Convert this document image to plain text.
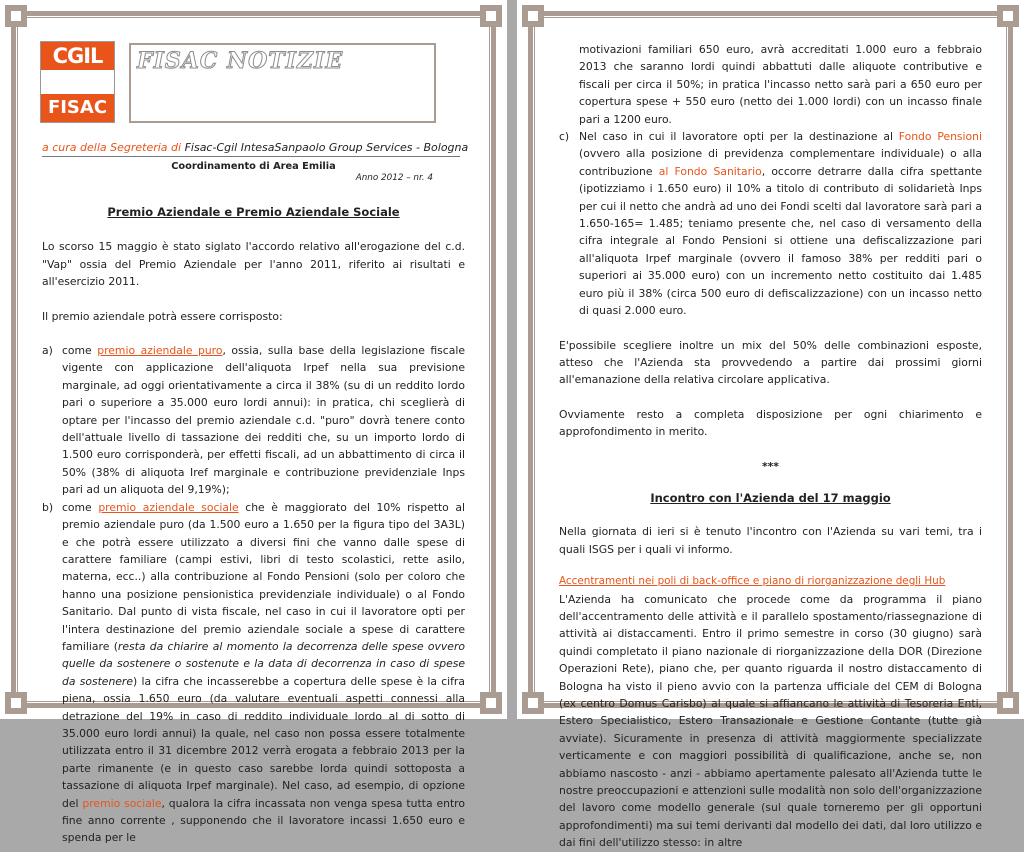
CGIL
FISAC
FISAC NOTIZIE
a cura della Segreteria di Fisac-Cgil IntesaSanpaolo Group Services - Bologna
Coordinamento di Area Emilia
Anno 2012 – nr. 4
Premio Aziendale e Premio Aziendale Sociale

Lo scorso 15 maggio è stato siglato l'accordo relativo all'erogazione del c.d. "Vap" ossia del Premio Aziendale per l'anno 2011, riferito ai risultati e all'esercizio 2011.

Il premio aziendale potrà essere corrisposto:

a) come premio aziendale puro, ossia, sulla base della legislazione fiscale vigente con applicazione dell'aliquota Irpef nella sua previsione marginale, ad oggi orientativamente a circa il 38% (su di un reddito lordo pari o superiore a 35.000 euro lordi annui): in pratica, chi sceglierà di optare per l'incasso del premio aziendale c.d. "puro" dovrà tenere conto dell'attuale livello di tassazione dei redditi che, su un importo lordo di 1.500 euro corrisponderà, per effetti fiscali, ad un abbattimento di circa il 50% (38% di aliquota Iref marginale e contribuzione previdenziale Inps pari ad un aliquota del 9,19%);
b) come premio aziendale sociale che è maggiorato del 10% rispetto al premio aziendale puro (da 1.500 euro a 1.650 per la figura tipo del 3A3L) e che potrà essere utilizzato a diversi fini che vanno dalle spese di carattere familiare (campi estivi, libri di testo scolastici, rette asilo, materna, ecc..) alla contribuzione al Fondo Pensioni (solo per coloro che hanno una posizione pensionistica previdenziale individuale) o al Fondo Sanitario. Dal punto di vista fiscale, nel caso in cui il lavoratore opti per l'intera destinazione del premio aziendale sociale a spese di carattere familiare (resta da chiarire al momento la decorrenza delle spese ovvero quelle da sostenere o sostenute e la data di decorrenza in caso di spese da sostenere) la cifra che incasserebbe a copertura delle spese è la cifra piena, ossia 1.650 euro (da valutare eventuali aspetti connessi alla detrazione del 19% in caso di reddito individuale lordo al di sotto di 35.000 euro lordi annui) la quale, nel caso non possa essere totalmente utilizzata entro il 31 dicembre 2012 verrà erogata a febbraio 2013 per la parte rimanente (e in questo caso sarebbe lorda quindi sottoposta a tassazione di aliquota Irpef marginale). Nel caso, ad esempio, di opzione del premio sociale, qualora la cifra incassata non venga spesa tutta entro fine anno corrente , supponendo che il lavoratore incassi 1.650 euro e spenda per le

motivazioni familiari 650 euro, avrà accreditati 1.000 euro a febbraio 2013 che saranno lordi quindi abbattuti dalle aliquote contributive e fiscali per circa il 50%; in pratica l'incasso netto sarà pari a 650 euro per copertura spese + 550 euro (netto dei 1.000 lordi) con un incasso finale pari a 1200 euro.

c) Nel caso in cui il lavoratore opti per la destinazione al Fondo Pensioni (ovvero alla posizione di previdenza complementare individuale) o alla contribuzione al Fondo Sanitario, occorre detrarre dalla cifra spettante (ipotizziamo i 1.650 euro) il 10% a titolo di contributo di solidarietà Inps per cui il netto che andrà ad uno dei Fondi scelti dal lavoratore sarà pari a 1.650-165= 1.485; teniamo presente che, nel caso di versamento della cifra integrale al Fondo Pensioni si ottiene una defiscalizzazione pari all'aliquota Irpef marginale (ovvero il famoso 38% per redditi pari o superiori ai 35.000 euro) con un incremento netto costituito dai 1.485 euro più il 38% (circa 500 euro di defiscalizzazione) con un incasso netto di quasi 2.000 euro.

E'possibile scegliere inoltre un mix del 50% delle combinazioni esposte, atteso che l'Azienda sta provvedendo a partire dai prossimi giorni all'emanazione della relativa circolare applicativa.

Ovviamente resto a completa disposizione per ogni chiarimento e approfondimento in merito.

***
Incontro con l'Azienda del 17 maggio

Nella giornata di ieri si è tenuto l'incontro con l'Azienda su vari temi, tra i quali ISGS per i quali vi informo.

Accentramenti nei poli di back-office e piano di riorganizzazione degli Hub

L'Azienda ha comunicato che procede come da programma il piano dell'accentramento delle attività e il parallelo spostamento/riassegnazione di attività ai distaccamenti. Entro il primo semestre in corso (30 giugno) sarà quindi completato il piano nazionale di riorganizzazione della DOR (Direzione Operazioni Rete), piano che, per quanto riguarda il nostro distaccamento di Bologna ha visto il pieno avvio con la partenza ufficiale del CEM di Bologna (ex centro Domus Carisbo) al quale si affiancano le attività di Tesoreria Enti, Estero Specialistico, Estero Transazionale e Gestione Contante (tutte già avviate). Sicuramente in presenza di attività maggiormente specializzate verticamente e con maggiori possibilità di qualificazione, anche se, non abbiamo nascosto - anzi - abbiamo apertamente palesato all'Azienda tutte le nostre preoccupazioni e attenzioni sulle modalità non solo dell'organizzazione del lavoro come modello generale (sul quale torneremo per gli opportuni approfondimenti) ma sui temi derivanti dal modello dei dati, dal loro utilizzo e dai fini dell'utilizzo stesso: in altre
